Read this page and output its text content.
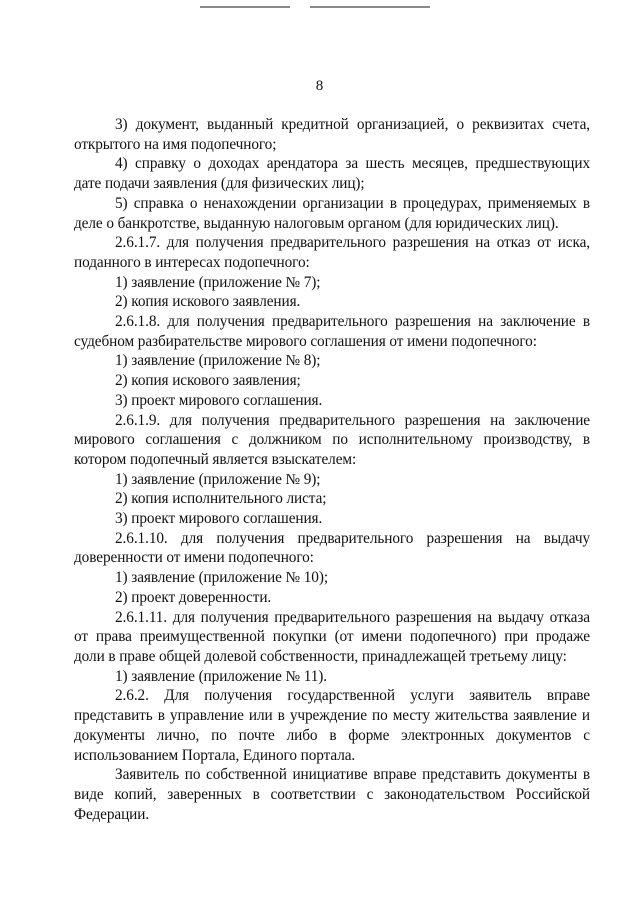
8

3) документ, выданный кредитной организацией, о реквизитах счета, открытого на имя подопечного;

4) справку о доходах арендатора за шесть месяцев, предшествующих дате подачи заявления (для физических лиц);

5) справка о ненахождении организации в процедурах, применяемых в деле о банкротстве, выданную налоговым органом (для юридических лиц).

2.6.1.7. для получения предварительного разрешения на отказ от иска, поданного в интересах подопечного:

1) заявление (приложение № 7);

2) копия искового заявления.

2.6.1.8. для получения предварительного разрешения на заключение в судебном разбирательстве мирового соглашения от имени подопечного:

1) заявление (приложение № 8);

2) копия искового заявления;

3) проект мирового соглашения.

2.6.1.9. для получения предварительного разрешения на заключение мирового соглашения с должником по исполнительному производству, в котором подопечный является взыскателем:

1) заявление (приложение № 9);

2) копия исполнительного листа;

3) проект мирового соглашения.

2.6.1.10. для получения предварительного разрешения на выдачу доверенности от имени подопечного:

1) заявление (приложение № 10);

2) проект доверенности.

2.6.1.11. для получения предварительного разрешения на выдачу отказа от права преимущественной покупки (от имени подопечного) при продаже доли в праве общей долевой собственности, принадлежащей третьему лицу:

1) заявление (приложение № 11).

2.6.2. Для получения государственной услуги заявитель вправе представить в управление или в учреждение по месту жительства заявление и документы лично, по почте либо в форме электронных документов с использованием Портала, Единого портала.

Заявитель по собственной инициативе вправе представить документы в виде копий, заверенных в соответствии с законодательством Российской Федерации.
